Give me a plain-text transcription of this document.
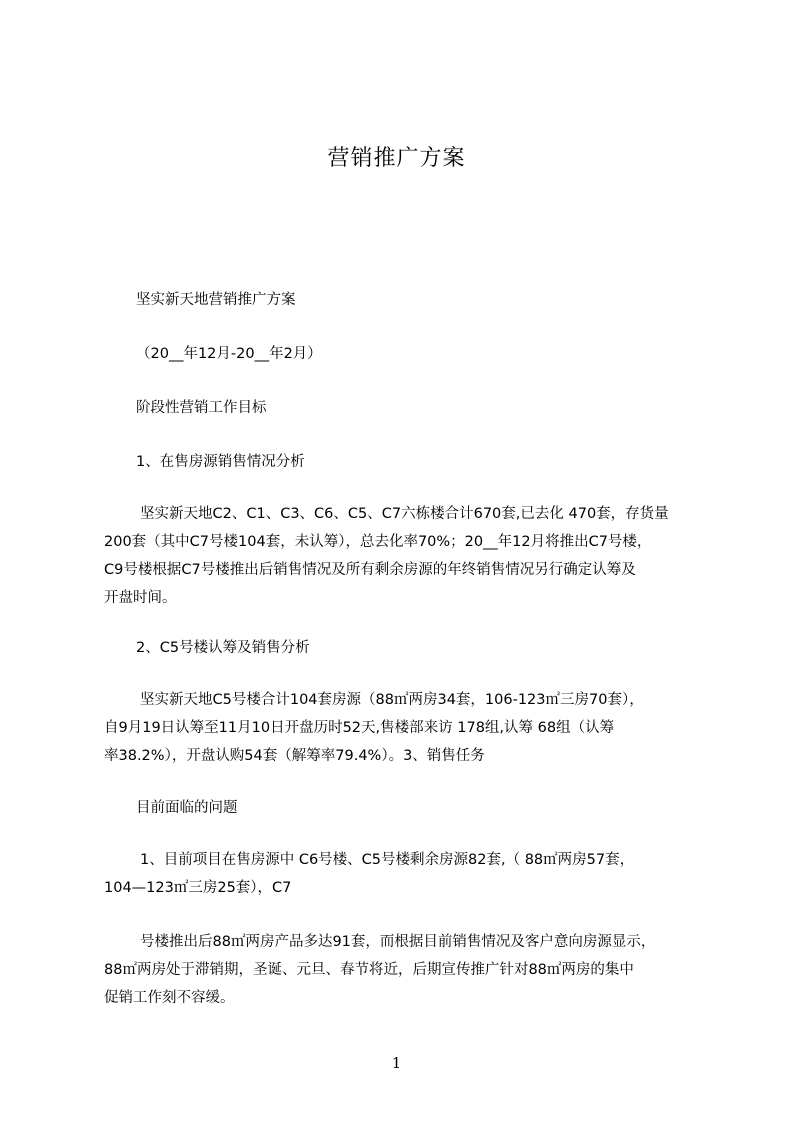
营销推广方案
坚实新天地营销推广方案
（20__年12月-20__年2月）
阶段性营销工作目标
1、在售房源销售情况分析
坚实新天地C2、C1、C3、C6、C5、C7六栋楼合计670套,已去化 470套，存货量
200套（其中C7号楼104套，未认筹），总去化率70%；20__年12月将推出C7号楼，
C9号楼根据C7号楼推出后销售情况及所有剩余房源的年终销售情况另行确定认筹及
开盘时间。
2、C5号楼认筹及销售分析
坚实新天地C5号楼合计104套房源（88㎡两房34套，106-123㎡三房70套），
自9月19日认筹至11月10日开盘历时52天,售楼部来访 178组,认筹 68组（认筹
率38.2%），开盘认购54套（解筹率79.4%）。3、销售任务
目前面临的问题
1、目前项目在售房源中 C6号楼、C5号楼剩余房源82套,（ 88㎡两房57套，
104—123㎡三房25套），C7
号楼推出后88㎡两房产品多达91套，而根据目前销售情况及客户意向房源显示，
88㎡两房处于滞销期，圣诞、元旦、春节将近，后期宣传推广针对88㎡两房的集中
促销工作刻不容缓。
1
